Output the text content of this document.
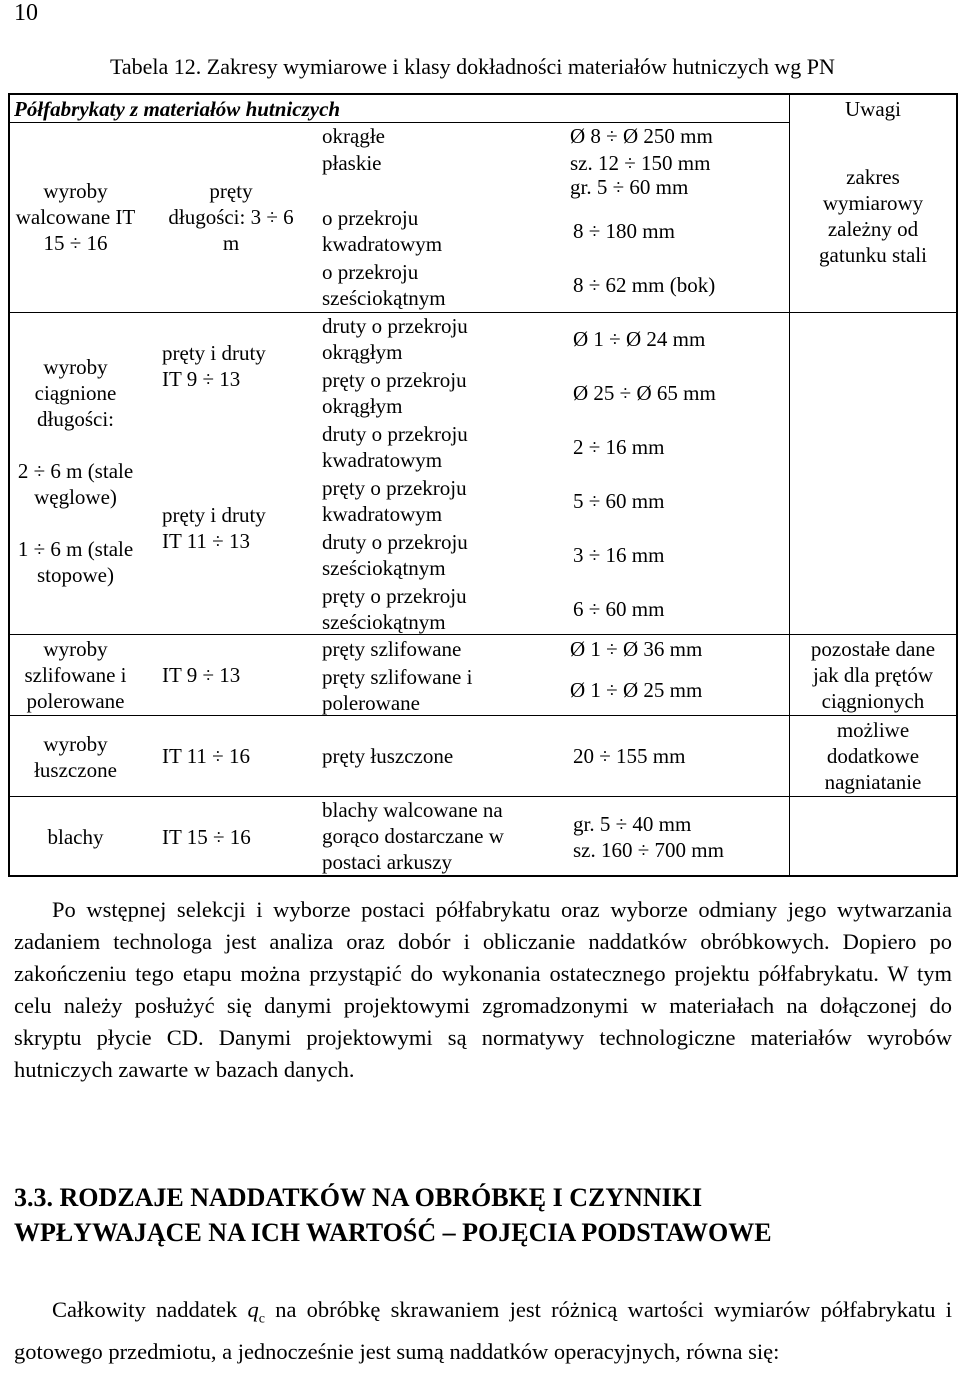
10
Tabela 12. Zakresy wymiarowe i klasy dokładności materiałów hutniczych wg PN
Półfabrykaty z materiałów hutniczych	Uwagi
wyroby
walcowane IT
15 ÷ 16
wyroby
ciągnione
długości:

2 ÷ 6 m (stale
węglowe)

1 ÷ 6 m (stale
stopowe)
wyroby
szlifowane i
polerowane
wyroby
łuszczone
blachy
pręty
długości: 3 ÷ 6
m
pręty i druty
IT 9 ÷ 13
pręty i druty
IT 11 ÷ 13
IT 9 ÷ 13
IT 11 ÷ 16
IT 15 ÷ 16
okrągłe
płaskie
o przekroju
kwadratowym
o przekroju
sześciokątnym
druty o przekroju
okrągłym
pręty o przekroju
okrągłym
druty o przekroju
kwadratowym
pręty o przekroju
kwadratowym
druty o przekroju
sześciokątnym
pręty o przekroju
sześciokątnym
pręty szlifowane
pręty szlifowane i
polerowane
pręty łuszczone
blachy walcowane na
gorąco dostarczane w
postaci arkuszy
Ø 8 ÷ Ø 250 mm
sz. 12 ÷ 150 mm
gr. 5 ÷ 60 mm
8 ÷ 180 mm
8 ÷ 62 mm (bok)
Ø 1 ÷ Ø 24 mm
Ø 25 ÷ Ø 65 mm
2 ÷ 16 mm
5 ÷ 60 mm
3 ÷ 16 mm
6 ÷ 60 mm
Ø 1 ÷ Ø 36 mm
Ø 1 ÷ Ø 25 mm
20 ÷ 155 mm
gr. 5 ÷ 40 mm
sz. 160 ÷ 700 mm
zakres
wymiarowy
zależny od
gatunku stali
pozostałe dane
jak dla prętów
ciągnionych
możliwe
dodatkowe
nagniatanie

Po wstępnej selekcji i wyborze postaci półfabrykatu oraz wyborze odmiany jego wytwarzania zadaniem technologa jest analiza oraz dobór i obliczanie naddatków obróbkowych. Dopiero po zakończeniu tego etapu można przystąpić do wykonania ostatecznego projektu półfabrykatu. W tym celu należy posłużyć się danymi projektowymi zgromadzonymi w materiałach na dołączonej do skryptu płycie CD. Danymi projektowymi są normatywy technologiczne materiałów wyrobów hutniczych zawarte w bazach danych.

3.3. RODZAJE NADDATKÓW NA OBRÓBKĘ I CZYNNIKI
WPŁYWAJĄCE NA ICH WARTOŚĆ – POJĘCIA PODSTAWOWE

Całkowity naddatek $q_c$ na obróbkę skrawaniem jest różnicą wartości wymiarów półfabrykatu i gotowego przedmiotu, a jednocześnie jest sumą naddatków operacyjnych, równa się:
